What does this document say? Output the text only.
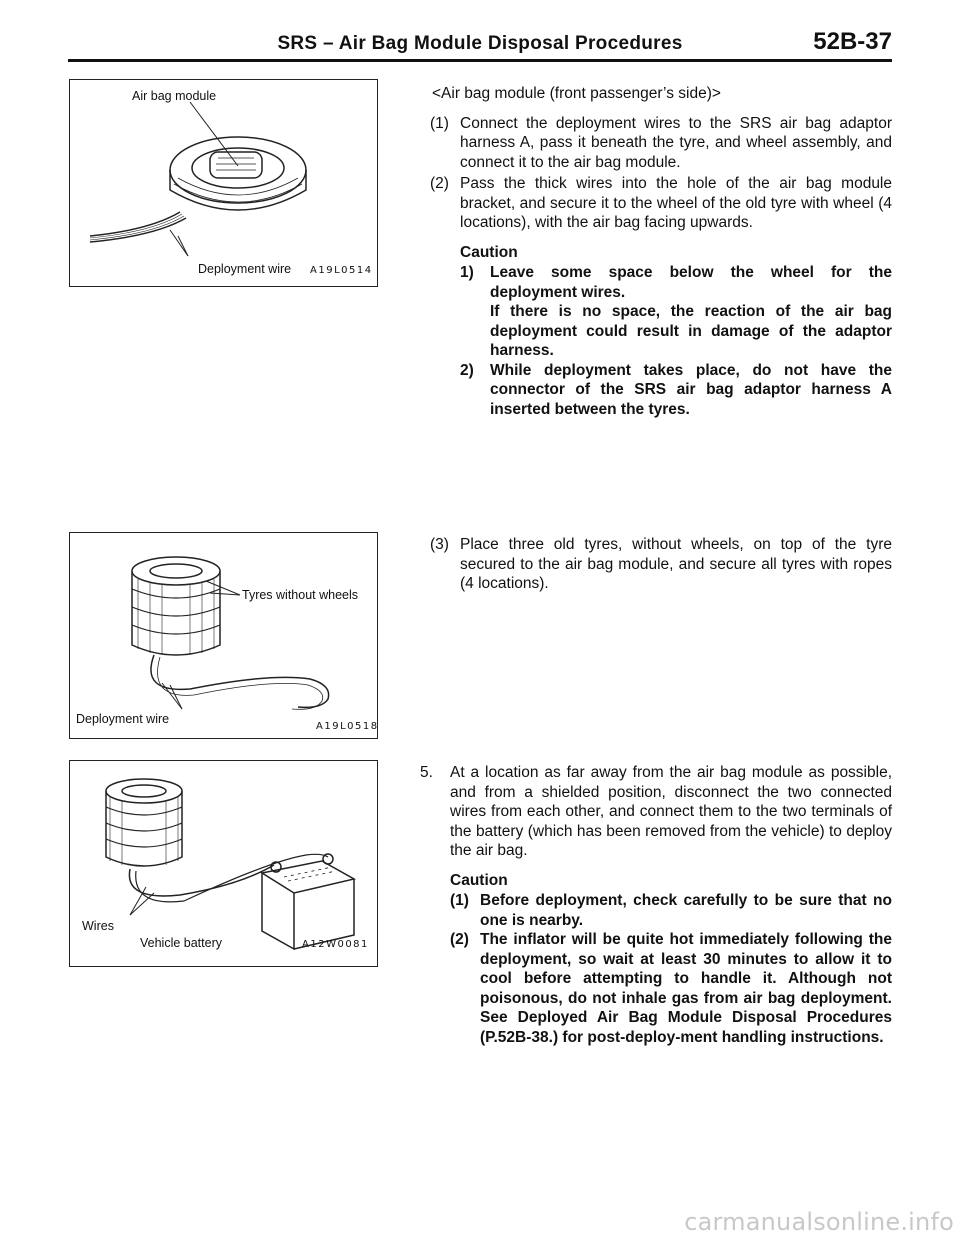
SRS – Air Bag Module Disposal Procedures	52B-37
Air bag module
Deployment wire A19L0514
Tyres without wheels
Deployment wire
A19L0518
Wires
Vehicle battery	A12W0081
<Air bag module (front passenger’s side)>
(1) Connect the deployment wires to the SRS air bag adaptor harness A, pass it beneath the tyre, and wheel assembly, and connect it to the air bag module.
(2) Pass the thick wires into the hole of the air bag module bracket, and secure it to the wheel of the old tyre with wheel (4 locations), with the air bag facing upwards.
Caution
1) Leave some space below the wheel for the deployment wires.
If there is no space, the reaction of the air bag deployment could result in damage of the adaptor harness.
2) While deployment takes place, do not have the connector of the SRS air bag adaptor harness A inserted between the tyres.
(3) Place three old tyres, without wheels, on top of the tyre secured to the air bag module, and secure all tyres with ropes (4 locations).
5. At a location as far away from the air bag module as possible, and from a shielded position, disconnect the two connected wires from each other, and connect them to the two terminals of the battery (which has been removed from the vehicle) to deploy the air bag.
Caution
(1) Before deployment, check carefully to be sure that no one is nearby.
(2) The inflator will be quite hot immediately following the deployment, so wait at least 30 minutes to allow it to cool before attempting to handle it. Although not poisonous, do not inhale gas from air bag deployment. See Deployed Air Bag Module Disposal Procedures (P.52B-38.) for post-deploy-ment handling instructions.
carmanualsonline.info
